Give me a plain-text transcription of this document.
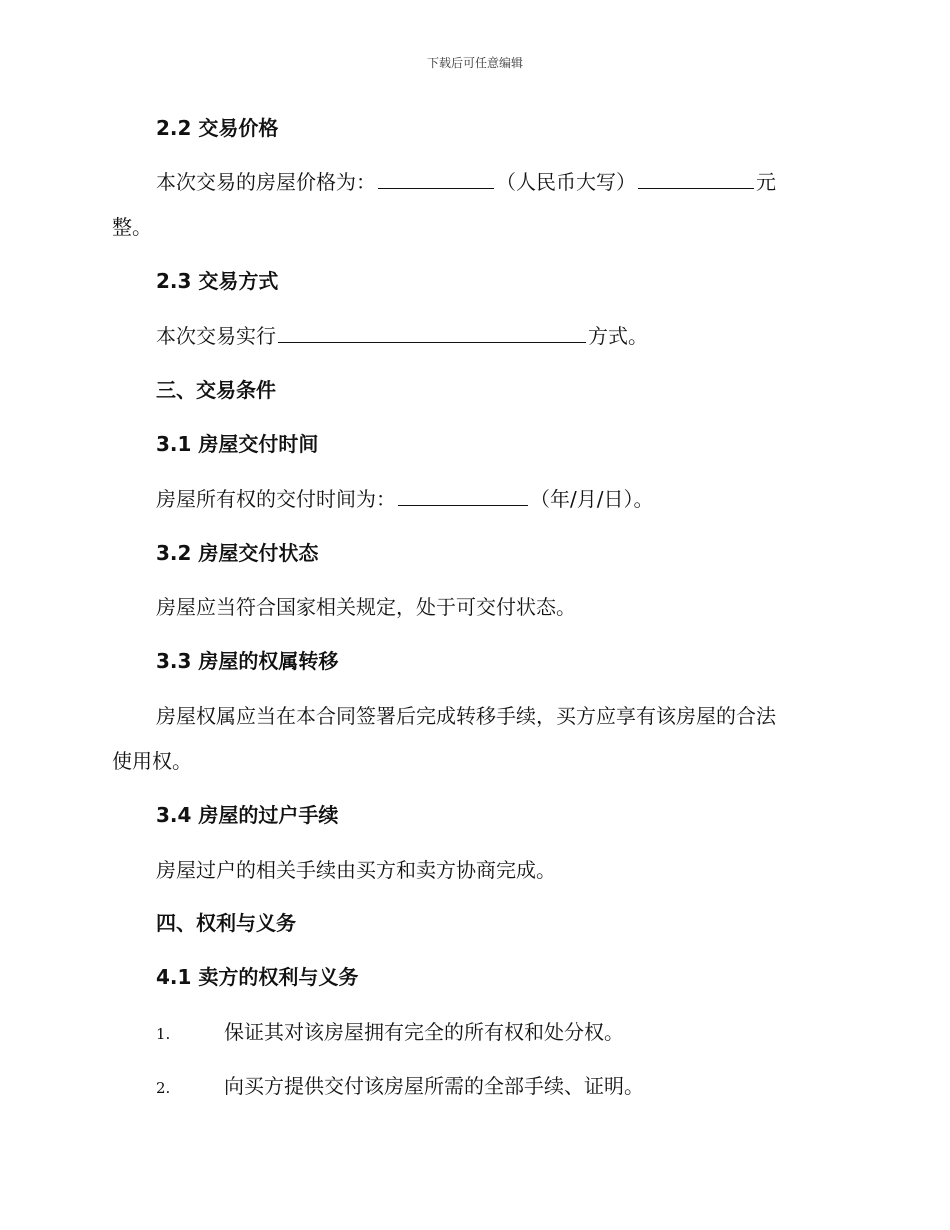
下载后可任意编辑
2.2 交易价格
本次交易的房屋价格为：	（人民币大写）	元
整。
2.3 交易方式
本次交易实行	方式。
三、交易条件
3.1 房屋交付时间
房屋所有权的交付时间为：	（年/月/日）。
3.2 房屋交付状态
房屋应当符合国家相关规定，处于可交付状态。
3.3 房屋的权属转移
房屋权属应当在本合同签署后完成转移手续，买方应享有该房屋的合法
使用权。
3.4 房屋的过户手续
房屋过户的相关手续由买方和卖方协商完成。
四、权利与义务
4.1 卖方的权利与义务
1.	保证其对该房屋拥有完全的所有权和处分权。
2.	向买方提供交付该房屋所需的全部手续、证明。
